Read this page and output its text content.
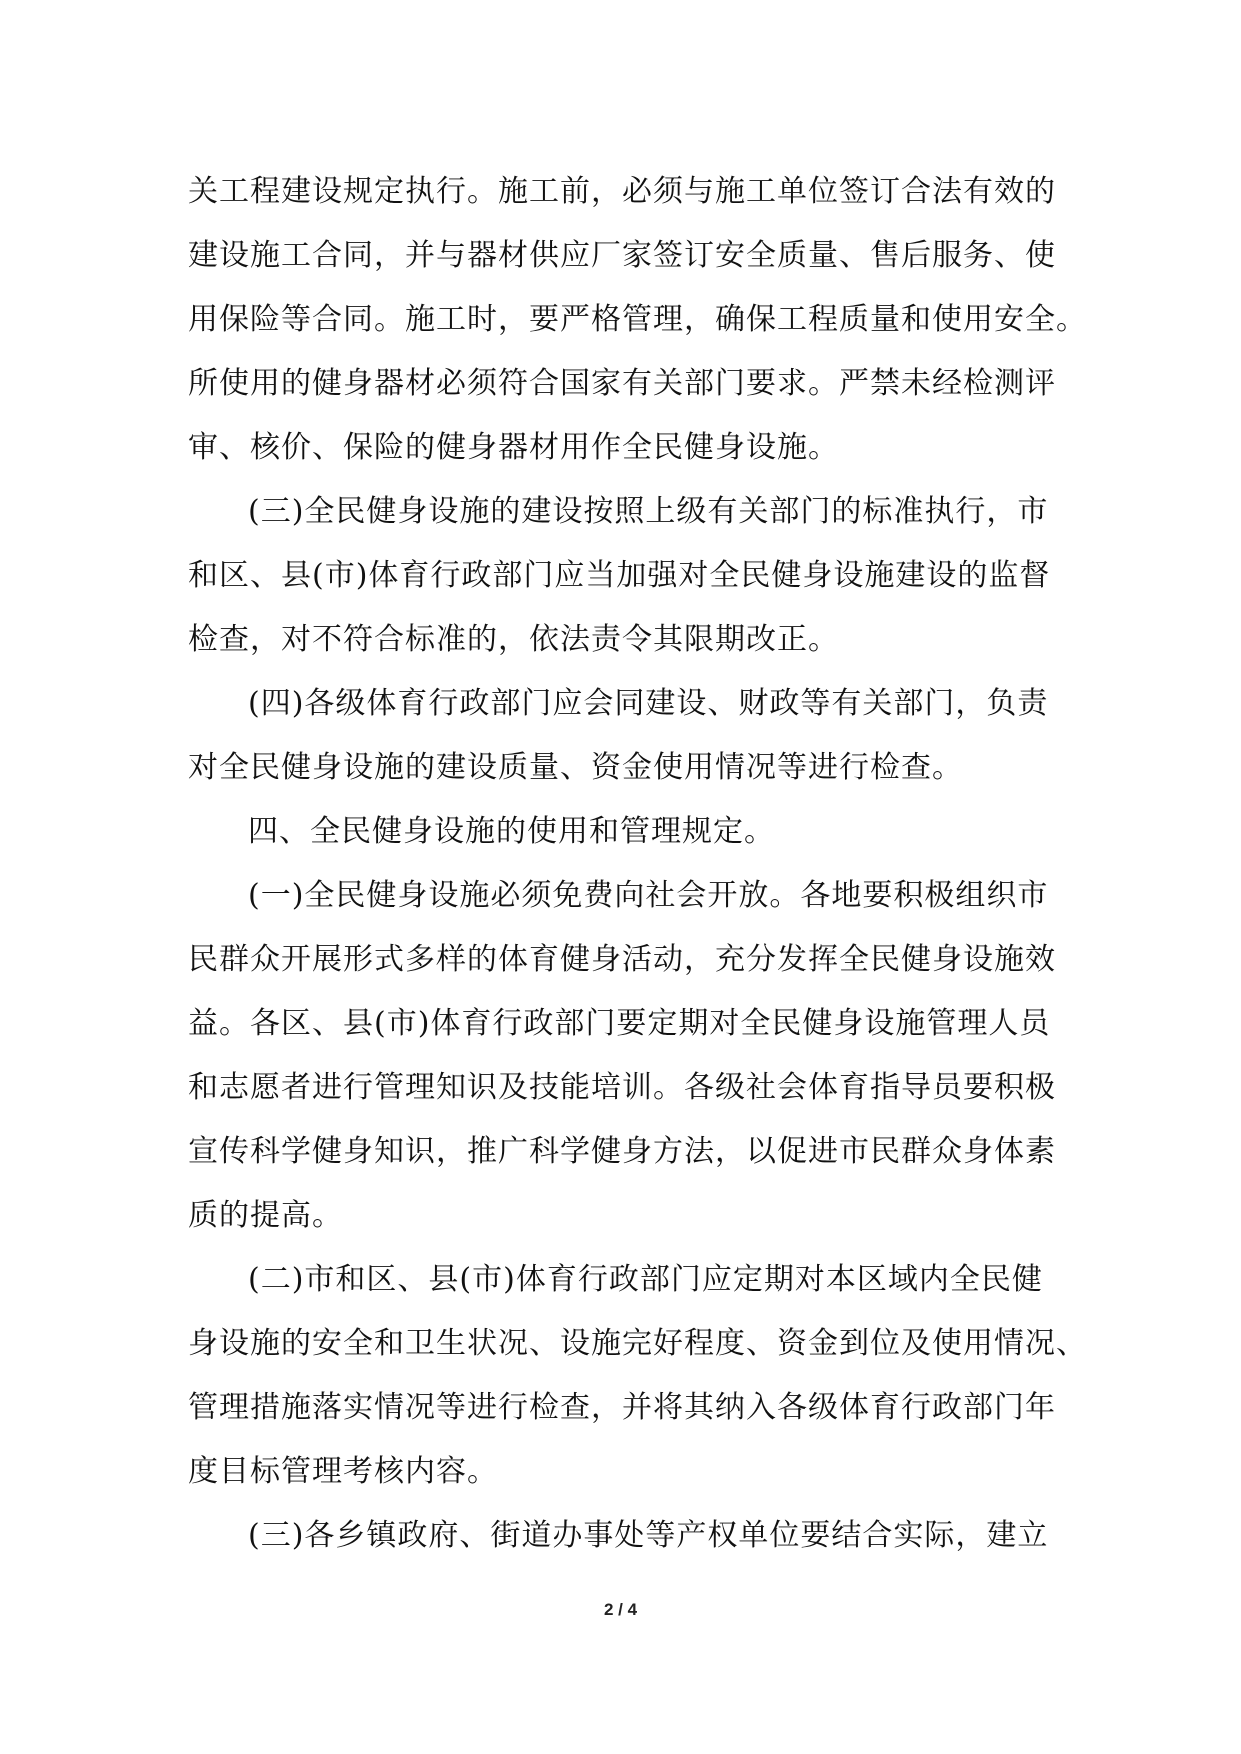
关工程建设规定执行。施工前，必须与施工单位签订合法有效的
建设施工合同，并与器材供应厂家签订安全质量、售后服务、使
用保险等合同。施工时，要严格管理，确保工程质量和使用安全。
所使用的健身器材必须符合国家有关部门要求。严禁未经检测评
审、核价、保险的健身器材用作全民健身设施。
(三)全民健身设施的建设按照上级有关部门的标准执行，市
和区、县(市)体育行政部门应当加强对全民健身设施建设的监督
检查，对不符合标准的，依法责令其限期改正。
(四)各级体育行政部门应会同建设、财政等有关部门，负责
对全民健身设施的建设质量、资金使用情况等进行检查。
四、全民健身设施的使用和管理规定。
(一)全民健身设施必须免费向社会开放。各地要积极组织市
民群众开展形式多样的体育健身活动，充分发挥全民健身设施效
益。各区、县(市)体育行政部门要定期对全民健身设施管理人员
和志愿者进行管理知识及技能培训。各级社会体育指导员要积极
宣传科学健身知识，推广科学健身方法，以促进市民群众身体素
质的提高。
(二)市和区、县(市)体育行政部门应定期对本区域内全民健
身设施的安全和卫生状况、设施完好程度、资金到位及使用情况、
管理措施落实情况等进行检查，并将其纳入各级体育行政部门年
度目标管理考核内容。
(三)各乡镇政府、街道办事处等产权单位要结合实际，建立
2 / 4
